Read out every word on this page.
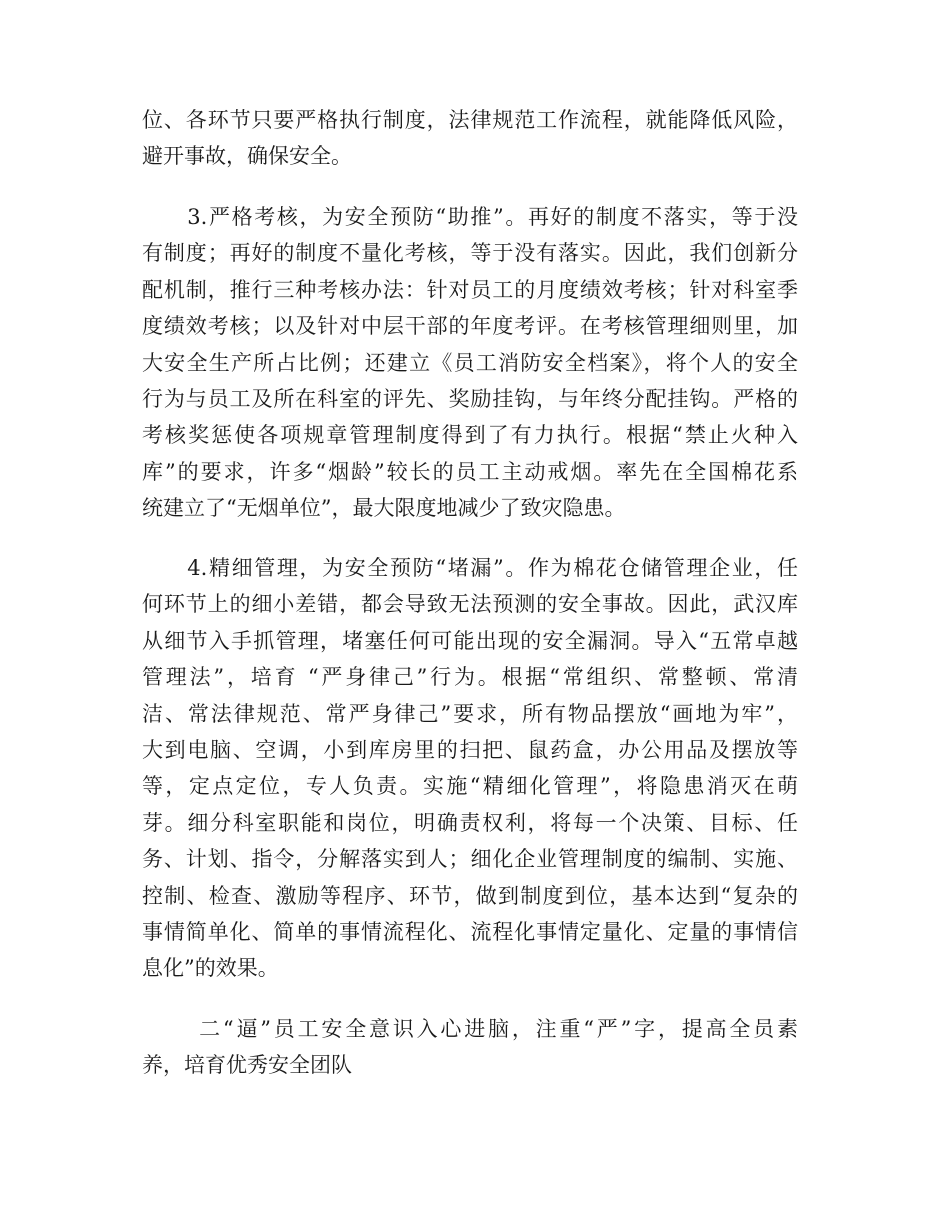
位、各环节只要严格执行制度，法律规范工作流程，就能降低风险，
避开事故，确保安全。
　　3.严格考核，为安全预防“助推”。再好的制度不落实，等于没
有制度；再好的制度不量化考核，等于没有落实。因此，我们创新分
配机制，推行三种考核办法：针对员工的月度绩效考核；针对科室季
度绩效考核；以及针对中层干部的年度考评。在考核管理细则里，加
大安全生产所占比例；还建立《员工消防安全档案》，将个人的安全
行为与员工及所在科室的评先、奖励挂钩，与年终分配挂钩。严格的
考核奖惩使各项规章管理制度得到了有力执行。根据“禁止火种入
库”的要求，许多“烟龄”较长的员工主动戒烟。率先在全国棉花系
统建立了“无烟单位”，最大限度地减少了致灾隐患。
　　4.精细管理，为安全预防“堵漏”。作为棉花仓储管理企业，任
何环节上的细小差错，都会导致无法预测的安全事故。因此，武汉库
从细节入手抓管理，堵塞任何可能出现的安全漏洞。导入“五常卓越
管理法”，培育 “严身律己”行为。根据“常组织、常整顿、常清
洁、常法律规范、常严身律己”要求，所有物品摆放“画地为牢”，
大到电脑、空调，小到库房里的扫把、鼠药盒，办公用品及摆放等
等，定点定位，专人负责。实施“精细化管理”，将隐患消灭在萌
芽。细分科室职能和岗位，明确责权利，将每一个决策、目标、任
务、计划、指令，分解落实到人；细化企业管理制度的编制、实施、
控制、检查、激励等程序、环节，做到制度到位，基本达到“复杂的
事情简单化、简单的事情流程化、流程化事情定量化、定量的事情信
息化”的效果。
　　 二“逼”员工安全意识入心进脑，注重“严”字，提高全员素
养，培育优秀安全团队
